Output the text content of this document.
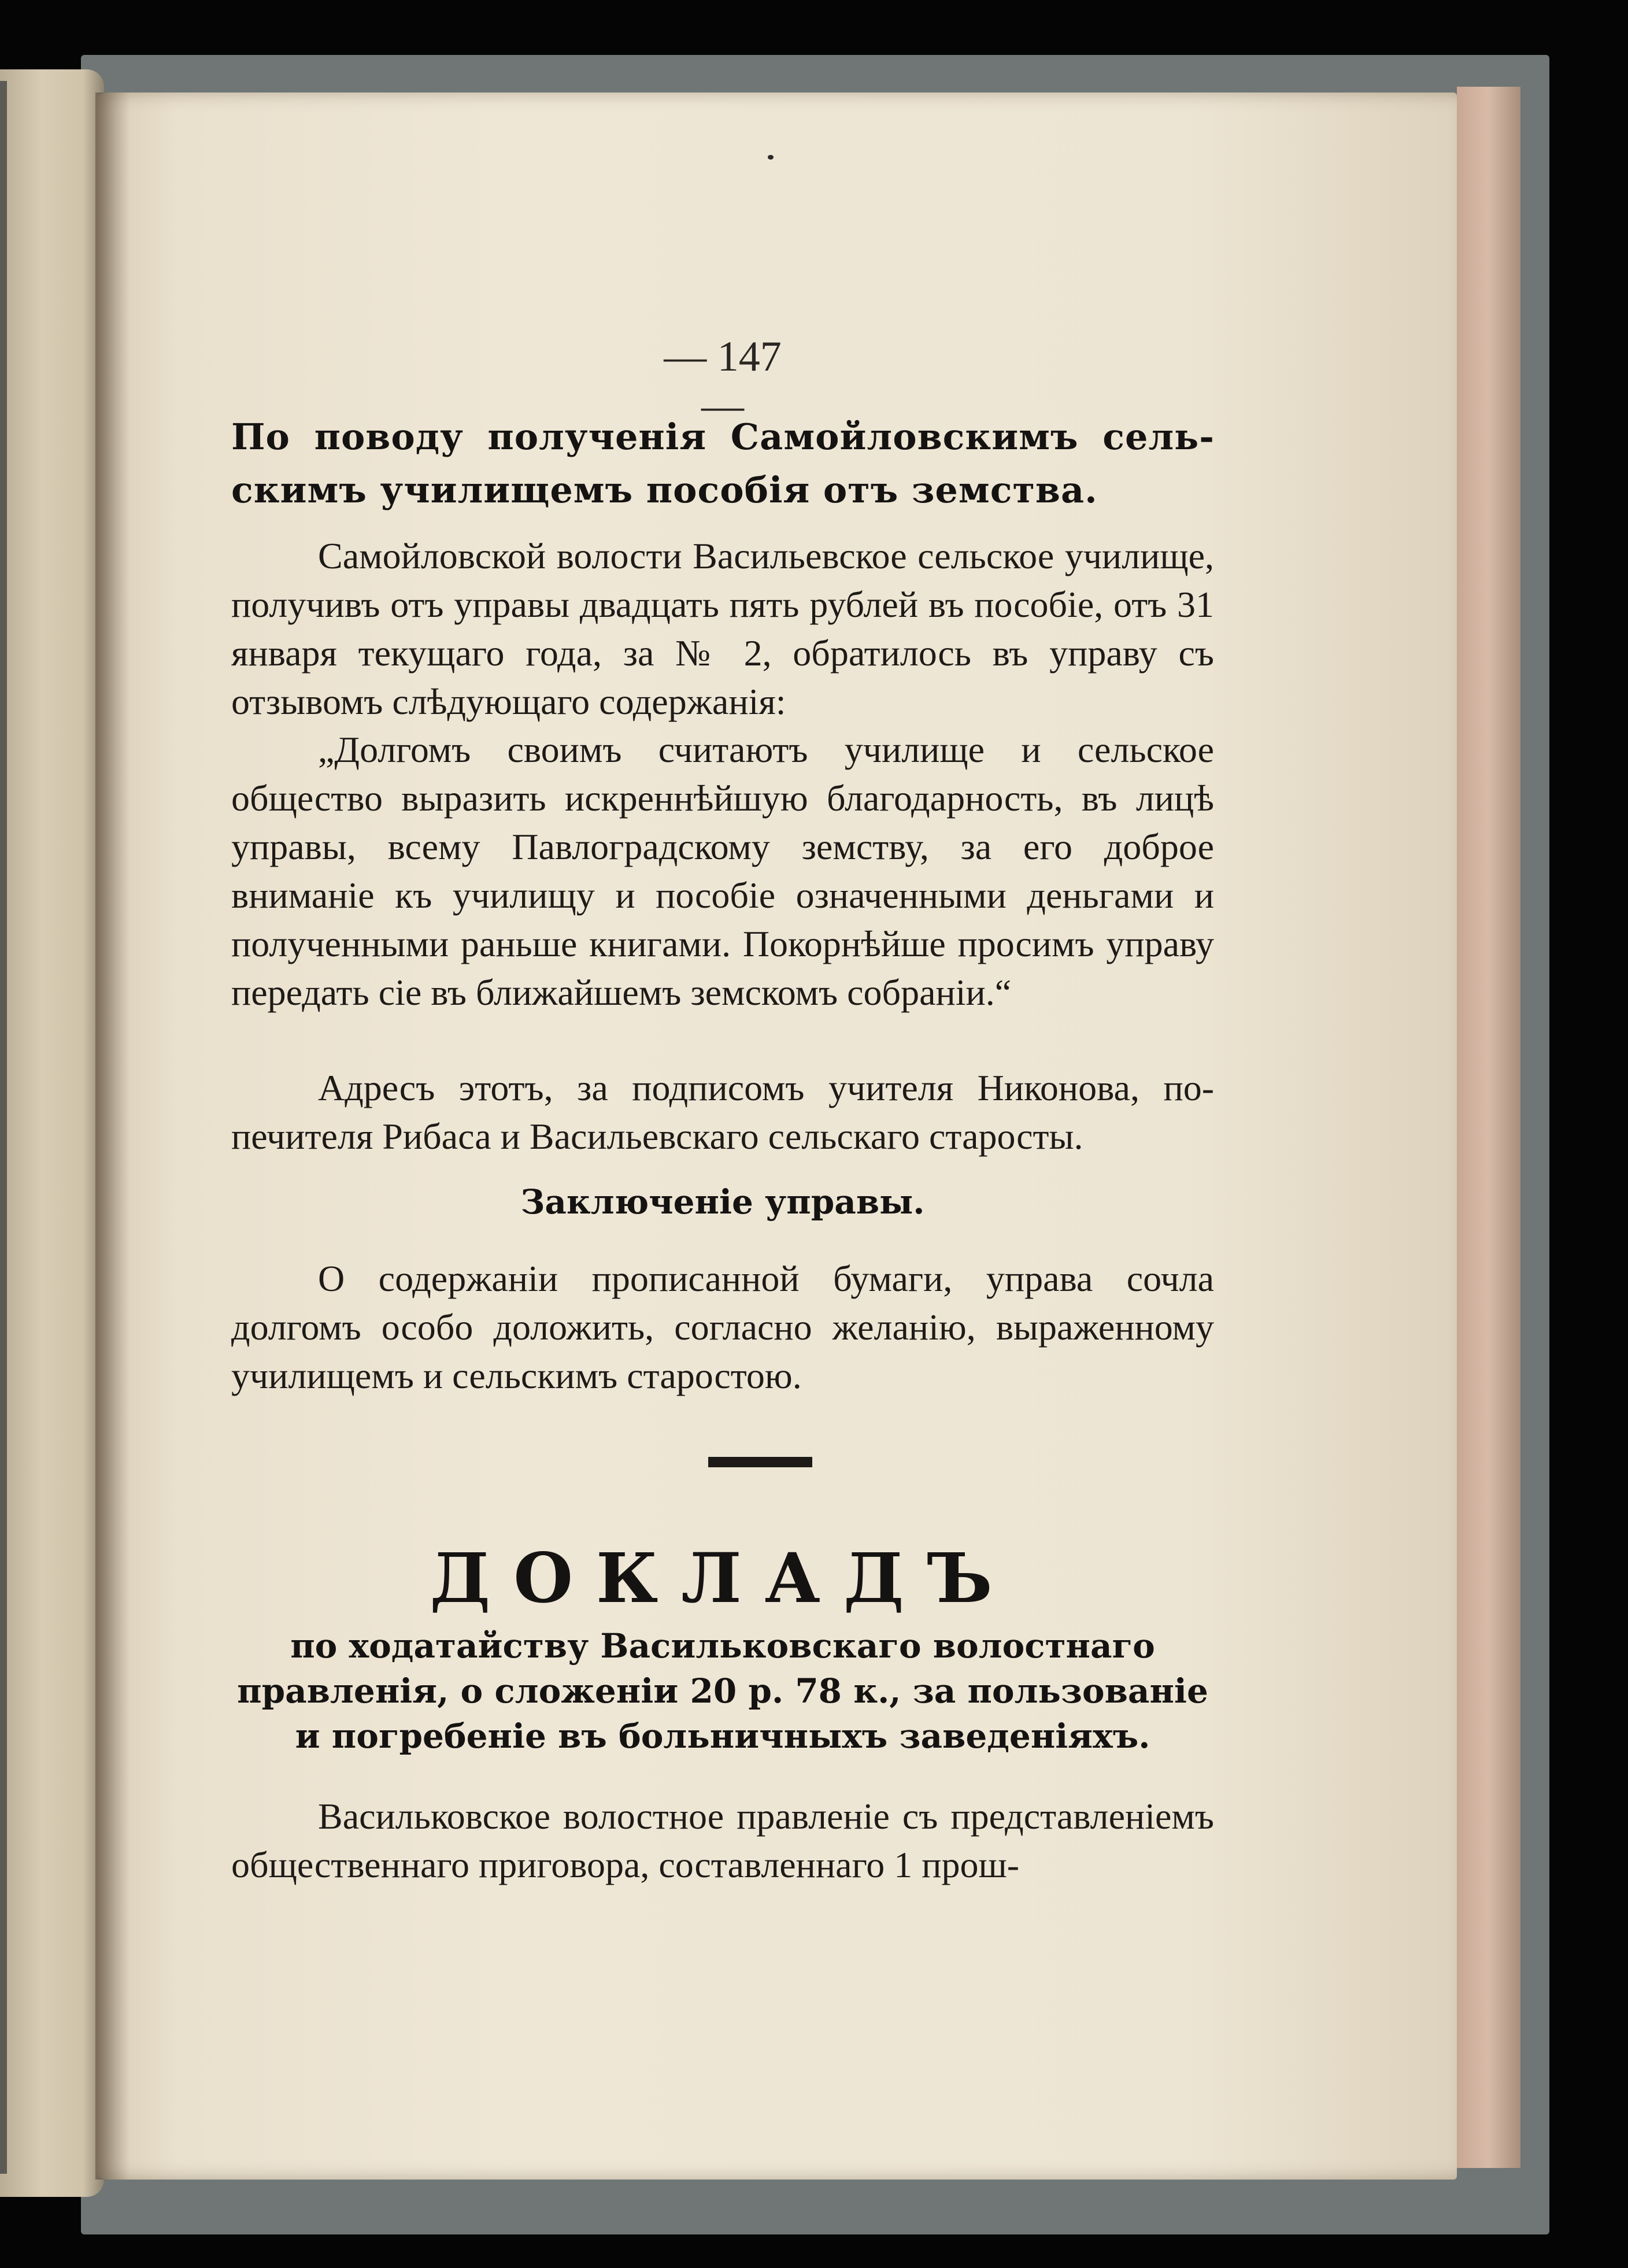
— 147 —
По поводу полученія Самойловскимъ сельскимъ училищемъ пособія отъ земства.
Самойловской волости Васильевское сельское училище, получивъ отъ управы двадцать пять рублей въ пособіе, отъ 31 января текущаго года, за № 2, обратилось въ управу съ отзывомъ слѣдующаго содержанія:
„Долгомъ своимъ считаютъ училище и сельское общество выразить искреннѣйшую благодарность, въ лицѣ управы, всему Павлоградскому земству, за его доброе вниманіе къ училищу и пособіе означенными деньгами и полученными раньше книгами. Покорнѣйше просимъ управу передать сіе въ ближайшемъ земскомъ собраніи.“
Адресъ этотъ, за подписомъ учителя Никонова, попечителя Рибаса и Васильевскаго сельскаго старосты.
Заключеніе управы.
О содержаніи прописанной бумаги, управа сочла долгомъ особо доложить, согласно желанію, выраженному училищемъ и сельскимъ старостою.
ДОКЛАДЪ
по ходатайству Васильковскаго волостнаго правленія, о сложеніи 20 р. 78 к., за пользованіе и погребеніе въ больничныхъ заведеніяхъ.
Васильковское волостное правленіе съ представленіемъ общественнаго приговора, составленнаго 1 прош-
